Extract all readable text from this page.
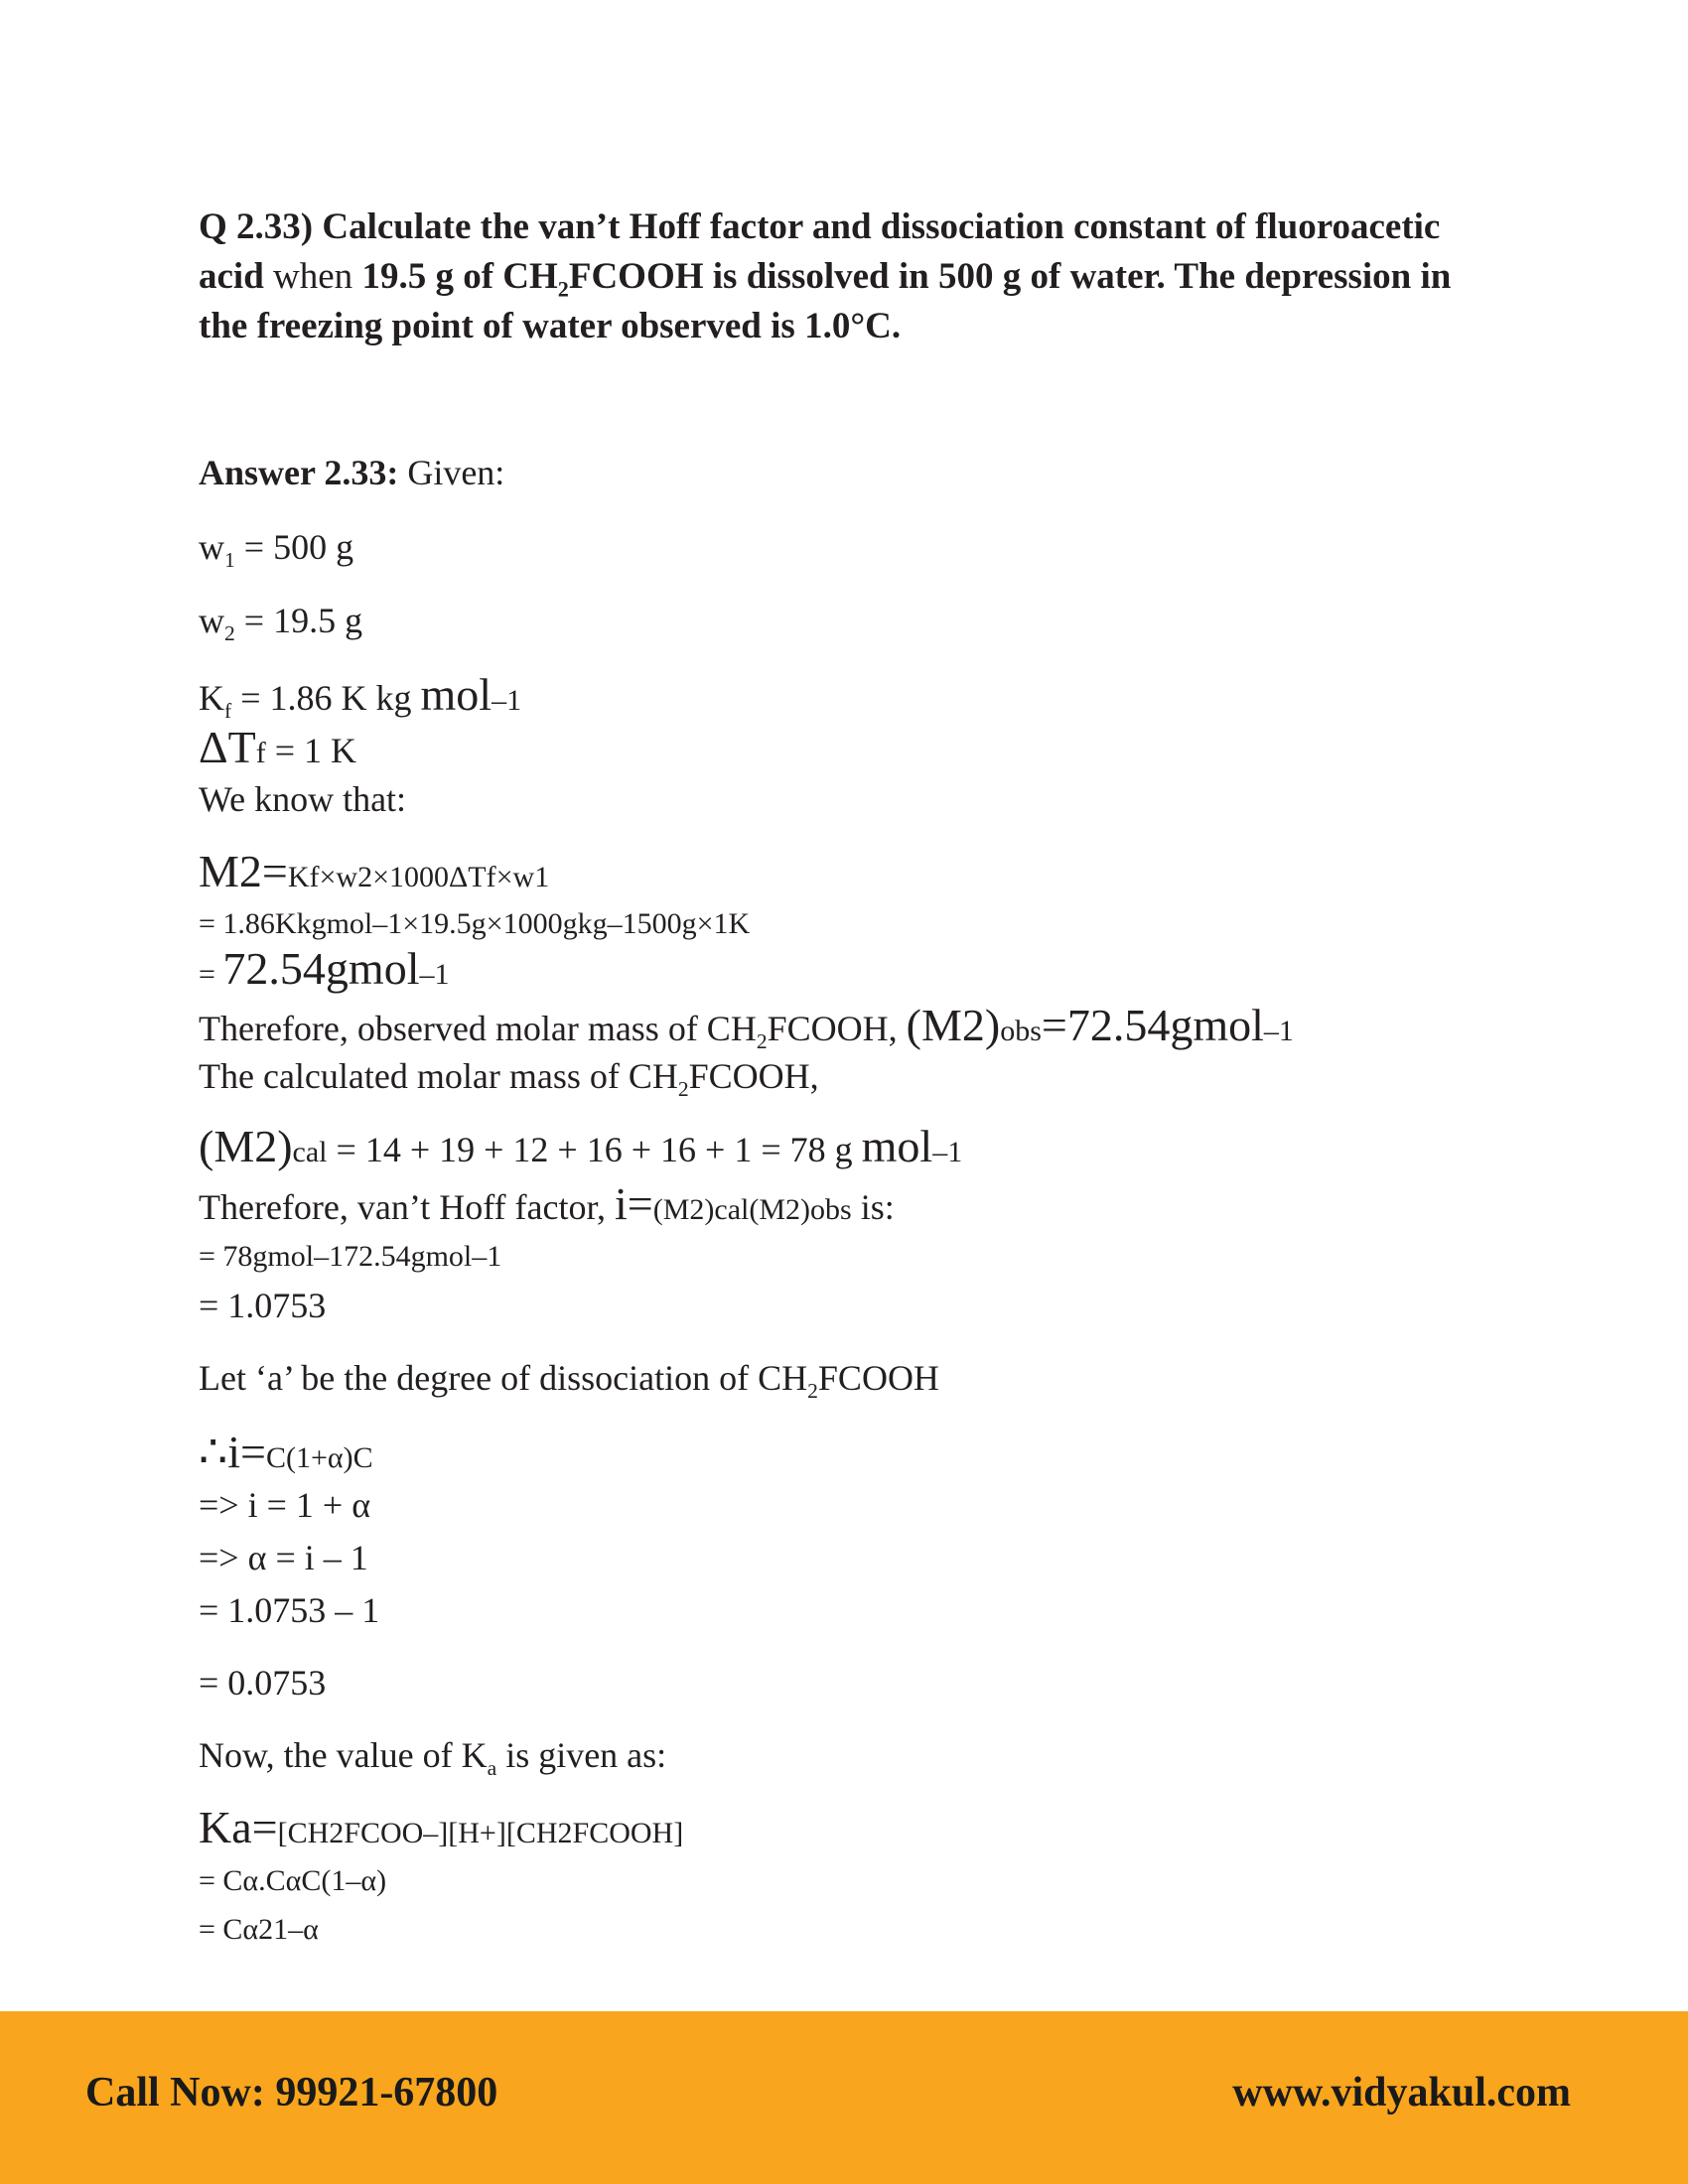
Q 2.33) Calculate the van’t Hoff factor and dissociation constant of fluoroacetic
acid when 19.5 g of $CH_2FCOOH$ is dissolved in 500 g of water. The depression in
the freezing point of water observed is 1.0°C.
Answer 2.33: Given:
$w_1 = 500$ g
$w_2 = 19.5$ g
$K_f = 1.86$ K kg mol–1
ΔTf = 1 K
We know that:
M2=Kf×w2×1000ΔTf×w1
= 1.86Kkgmol–1×19.5g×1000gkg–1500g×1K
= 72.54gmol–1
Therefore, observed molar mass of $CH_2FCOOH$, (M2)obs=72.54gmol–1
The calculated molar mass of $CH_2FCOOH$,
(M2)cal = 14 + 19 + 12 + 16 + 16 + 1 = 78 g mol–1
Therefore, van’t Hoff factor, i=(M2)cal(M2)obs is:
= 78gmol–172.54gmol–1
= 1.0753
Let ‘a’ be the degree of dissociation of $CH_2FCOOH$
∴i=C(1+α)C
=> i = 1 + α
=> α = i – 1
= 1.0753 – 1
= 0.0753
Now, the value of $K_a$ is given as:
Ka=[CH2FCOO–][H+][CH2FCOOH]
= Cα.CαC(1–α)
= Cα21–α
Call Now: 99921-67800	www.vidyakul.com
